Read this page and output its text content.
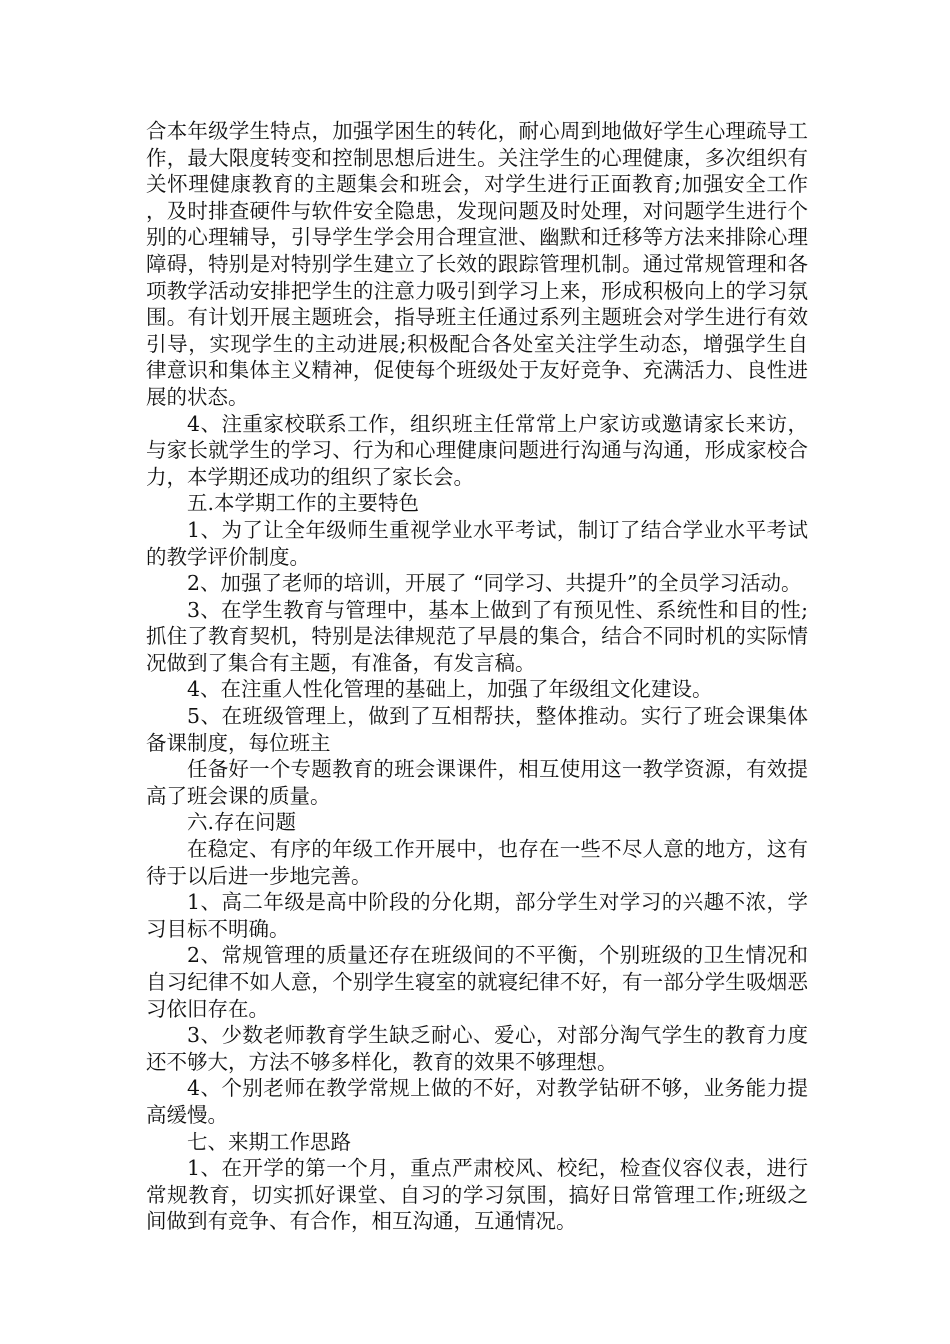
合本年级学生特点，加强学困生的转化，耐心周到地做好学生心理疏导工作，最大限度转变和控制思想后进生。关注学生的心理健康，多次组织有关怀理健康教育的主题集会和班会，对学生进行正面教育;加强安全工作，及时排查硬件与软件安全隐患，发现问题及时处理，对问题学生进行个别的心理辅导，引导学生学会用合理宣泄、幽默和迁移等方法来排除心理障碍，特别是对特别学生建立了长效的跟踪管理机制。通过常规管理和各项教学活动安排把学生的注意力吸引到学习上来，形成积极向上的学习氛围。有计划开展主题班会，指导班主任通过系列主题班会对学生进行有效引导，实现学生的主动进展;积极配合各处室关注学生动态，增强学生自律意识和集体主义精神，促使每个班级处于友好竞争、充满活力、良性进展的状态。

4、注重家校联系工作，组织班主任常常上户家访或邀请家长来访，与家长就学生的学习、行为和心理健康问题进行沟通与沟通，形成家校合力，本学期还成功的组织了家长会。

五.本学期工作的主要特色

1、为了让全年级师生重视学业水平考试，制订了结合学业水平考试的教学评价制度。

2、加强了老师的培训，开展了 “同学习、共提升”的全员学习活动。

3、在学生教育与管理中，基本上做到了有预见性、系统性和目的性;抓住了教育契机，特别是法律规范了早晨的集合，结合不同时机的实际情况做到了集合有主题，有准备，有发言稿。

4、在注重人性化管理的基础上，加强了年级组文化建设。

5、在班级管理上，做到了互相帮扶，整体推动。实行了班会课集体备课制度，每位班主

任备好一个专题教育的班会课课件，相互使用这一教学资源，有效提高了班会课的质量。

六.存在问题

在稳定、有序的年级工作开展中，也存在一些不尽人意的地方，这有待于以后进一步地完善。

1、高二年级是高中阶段的分化期，部分学生对学习的兴趣不浓，学习目标不明确。

2、常规管理的质量还存在班级间的不平衡，个别班级的卫生情况和自习纪律不如人意，个别学生寝室的就寝纪律不好，有一部分学生吸烟恶习依旧存在。

3、少数老师教育学生缺乏耐心、爱心，对部分淘气学生的教育力度还不够大，方法不够多样化，教育的效果不够理想。

4、个别老师在教学常规上做的不好，对教学钻研不够，业务能力提高缓慢。

七、来期工作思路

1、在开学的第一个月，重点严肃校风、校纪，检查仪容仪表，进行常规教育，切实抓好课堂、自习的学习氛围，搞好日常管理工作;班级之间做到有竞争、有合作，相互沟通，互通情况。
